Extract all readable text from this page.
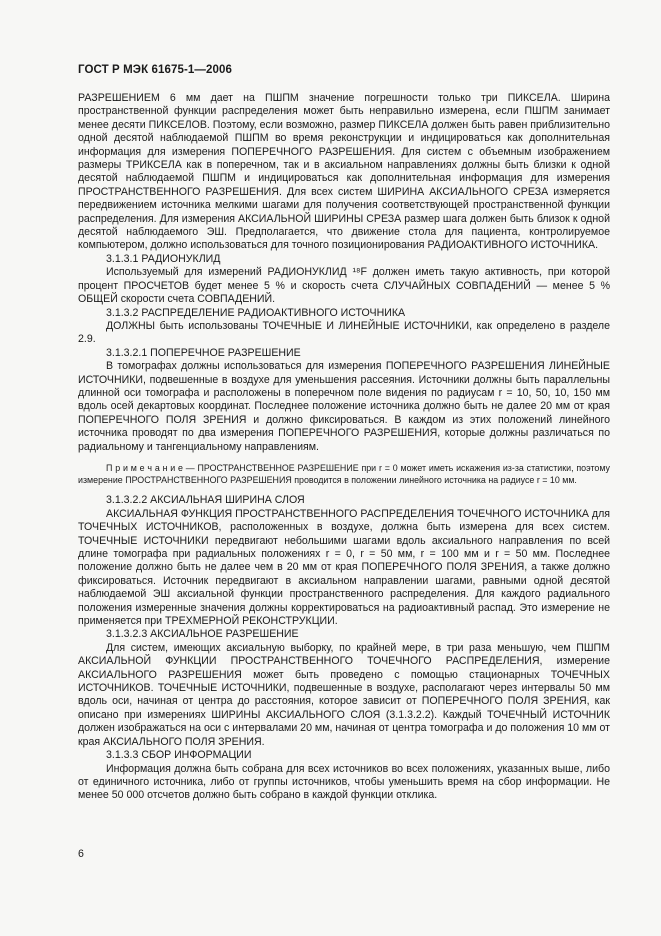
ГОСТ Р МЭК 61675-1—2006

РАЗРЕШЕНИЕМ 6 мм дает на ПШПМ значение погрешности только три ПИКСЕЛА. Ширина пространственной функции распределения может быть неправильно измерена, если ПШПМ занимает менее десяти ПИКСЕЛОВ. Поэтому, если возможно, размер ПИКСЕЛА должен быть равен приблизительно одной десятой наблюдаемой ПШПМ во время реконструкции и индицироваться как дополнительная информация для измерения ПОПЕРЕЧНОГО РАЗРЕШЕНИЯ. Для систем с объемным изображением размеры ТРИКСЕЛА как в поперечном, так и в аксиальном направлениях должны быть близки к одной десятой наблюдаемой ПШПМ и индицироваться как дополнительная информация для измерения ПРОСТРАНСТВЕННОГО РАЗРЕШЕНИЯ. Для всех систем ШИРИНА АКСИАЛЬНОГО СРЕЗА измеряется передвижением источника мелкими шагами для получения соответствующей пространственной функции распределения. Для измерения АКСИАЛЬНОЙ ШИРИНЫ СРЕЗА размер шага должен быть близок к одной десятой наблюдаемого ЭШ. Предполагается, что движение стола для пациента, контролируемое компьютером, должно использоваться для точного позиционирования РАДИОАКТИВНОГО ИСТОЧНИКА.

3.1.3.1 РАДИОНУКЛИД

Используемый для измерений РАДИОНУКЛИД ¹⁸F должен иметь такую активность, при которой процент ПРОСЧЕТОВ будет менее 5 % и скорость счета СЛУЧАЙНЫХ СОВПАДЕНИЙ — менее 5 % ОБЩЕЙ скорости счета СОВПАДЕНИЙ.

3.1.3.2 РАСПРЕДЕЛЕНИЕ РАДИОАКТИВНОГО ИСТОЧНИКА

ДОЛЖНЫ быть использованы ТОЧЕЧНЫЕ И ЛИНЕЙНЫЕ ИСТОЧНИКИ, как определено в разделе 2.9.

3.1.3.2.1 ПОПЕРЕЧНОЕ РАЗРЕШЕНИЕ

В томографах должны использоваться для измерения ПОПЕРЕЧНОГО РАЗРЕШЕНИЯ ЛИНЕЙНЫЕ ИСТОЧНИКИ, подвешенные в воздухе для уменьшения рассеяния. Источники должны быть параллельны длинной оси томографа и расположены в поперечном поле видения по радиусам r = 10, 50, 10, 150 мм вдоль осей декартовых координат. Последнее положение источника должно быть не далее 20 мм от края ПОПЕРЕЧНОГО ПОЛЯ ЗРЕНИЯ и должно фиксироваться. В каждом из этих положений линейного источника проводят по два измерения ПОПЕРЕЧНОГО РАЗРЕШЕНИЯ, которые должны различаться по радиальному и тангенциальному направлениям.

П р и м е ч а н и е — ПРОСТРАНСТВЕННОЕ РАЗРЕШЕНИЕ при r = 0 может иметь искажения из-за статистики, поэтому измерение ПРОСТРАНСТВЕННОГО РАЗРЕШЕНИЯ проводится в положении линейного источника на радиусе r = 10 мм.

3.1.3.2.2 АКСИАЛЬНАЯ ШИРИНА СЛОЯ

АКСИАЛЬНАЯ ФУНКЦИЯ ПРОСТРАНСТВЕННОГО РАСПРЕДЕЛЕНИЯ ТОЧЕЧНОГО ИСТОЧНИКА для ТОЧЕЧНЫХ ИСТОЧНИКОВ, расположенных в воздухе, должна быть измерена для всех систем. ТОЧЕЧНЫЕ ИСТОЧНИКИ передвигают небольшими шагами вдоль аксиального направления по всей длине томографа при радиальных положениях r = 0, r = 50 мм, r = 100 мм и r = 50 мм. Последнее положение должно быть не далее чем в 20 мм от края ПОПЕРЕЧНОГО ПОЛЯ ЗРЕНИЯ, а также должно фиксироваться. Источник передвигают в аксиальном направлении шагами, равными одной десятой наблюдаемой ЭШ аксиальной функции пространственного распределения. Для каждого радиального положения измеренные значения должны корректироваться на радиоактивный распад. Это измерение не применяется при ТРЕХМЕРНОЙ РЕКОНСТРУКЦИИ.

3.1.3.2.3 АКСИАЛЬНОЕ РАЗРЕШЕНИЕ

Для систем, имеющих аксиальную выборку, по крайней мере, в три раза меньшую, чем ПШПМ АКСИАЛЬНОЙ ФУНКЦИИ ПРОСТРАНСТВЕННОГО ТОЧЕЧНОГО РАСПРЕДЕЛЕНИЯ, измерение АКСИАЛЬНОГО РАЗРЕШЕНИЯ может быть проведено с помощью стационарных ТОЧЕЧНЫХ ИСТОЧНИКОВ. ТОЧЕЧНЫЕ ИСТОЧНИКИ, подвешенные в воздухе, располагают через интервалы 50 мм вдоль оси, начиная от центра до расстояния, которое зависит от ПОПЕРЕЧНОГО ПОЛЯ ЗРЕНИЯ, как описано при измерениях ШИРИНЫ АКСИАЛЬНОГО СЛОЯ (3.1.3.2.2). Каждый ТОЧЕЧНЫЙ ИСТОЧНИК должен изображаться на оси с интервалами 20 мм, начиная от центра томографа и до положения 10 мм от края АКСИАЛЬНОГО ПОЛЯ ЗРЕНИЯ.

3.1.3.3 СБОР ИНФОРМАЦИИ

Информация должна быть собрана для всех источников во всех положениях, указанных выше, либо от единичного источника, либо от группы источников, чтобы уменьшить время на сбор информации. Не менее 50 000 отсчетов должно быть собрано в каждой функции отклика.

6
